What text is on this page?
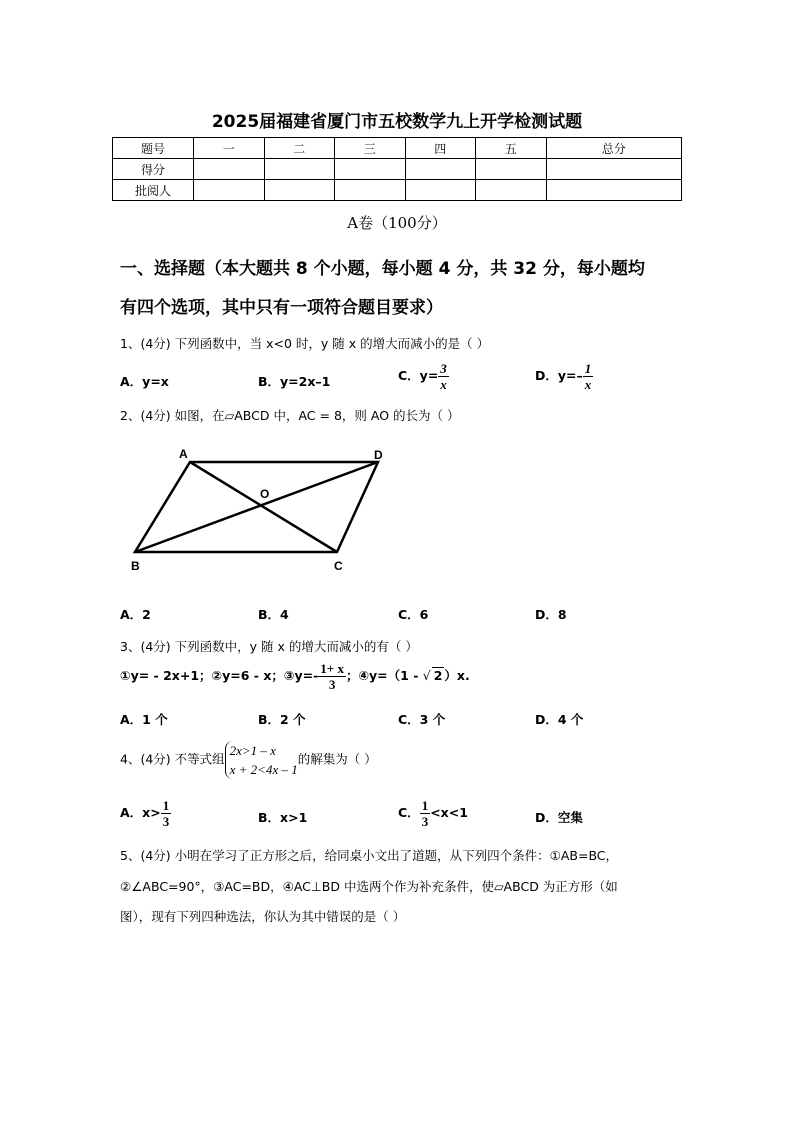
2025届福建省厦门市五校数学九上开学检测试题
题号	一	二	三	四	五	总分
得分						
批阅人						
A卷（100分）
一、选择题（本大题共 8 个小题，每小题 4 分，共 32 分，每小题均
有四个选项，其中只有一项符合题目要求）
1、(4分) 下列函数中，当 x<0 时，y 随 x 的增大而减小的是（ ）
A．y=x	B．y=2x–1	C．$y= \frac{3}{x}$	D．$y=- \frac{1}{x}$
2、(4分) 如图，在▱ABCD 中，AC = 8，则 AO 的长为（ ）
A	D
O
B	C
A．2	B．4	C．6	D．8
3、(4分) 下列函数中，y 随 x 的增大而减小的有（ ）
①y= - 2x+1；②y=6 - x；③y=- $\frac{1+ x}{3}$ ；④y=（1 - √ 2 ）x.
A．1 个	B．2 个	C．3 个	D．4 个
4、(4分) 不等式组
2x>1 – x
x + 2<4x – 1
的解集为（ ）
A．$x> \frac{1}{3}$	B．x>1	C． $\frac{1}{3} <x<1$	D．空集
5、(4分) 小明在学习了正方形之后，给同桌小文出了道题，从下列四个条件：①AB=BC，
②∠ABC=90°，③AC=BD，④AC⊥BD 中选两个作为补充条件，使▱ABCD 为正方形（如
图），现有下列四种选法，你认为其中错误的是（ ）
